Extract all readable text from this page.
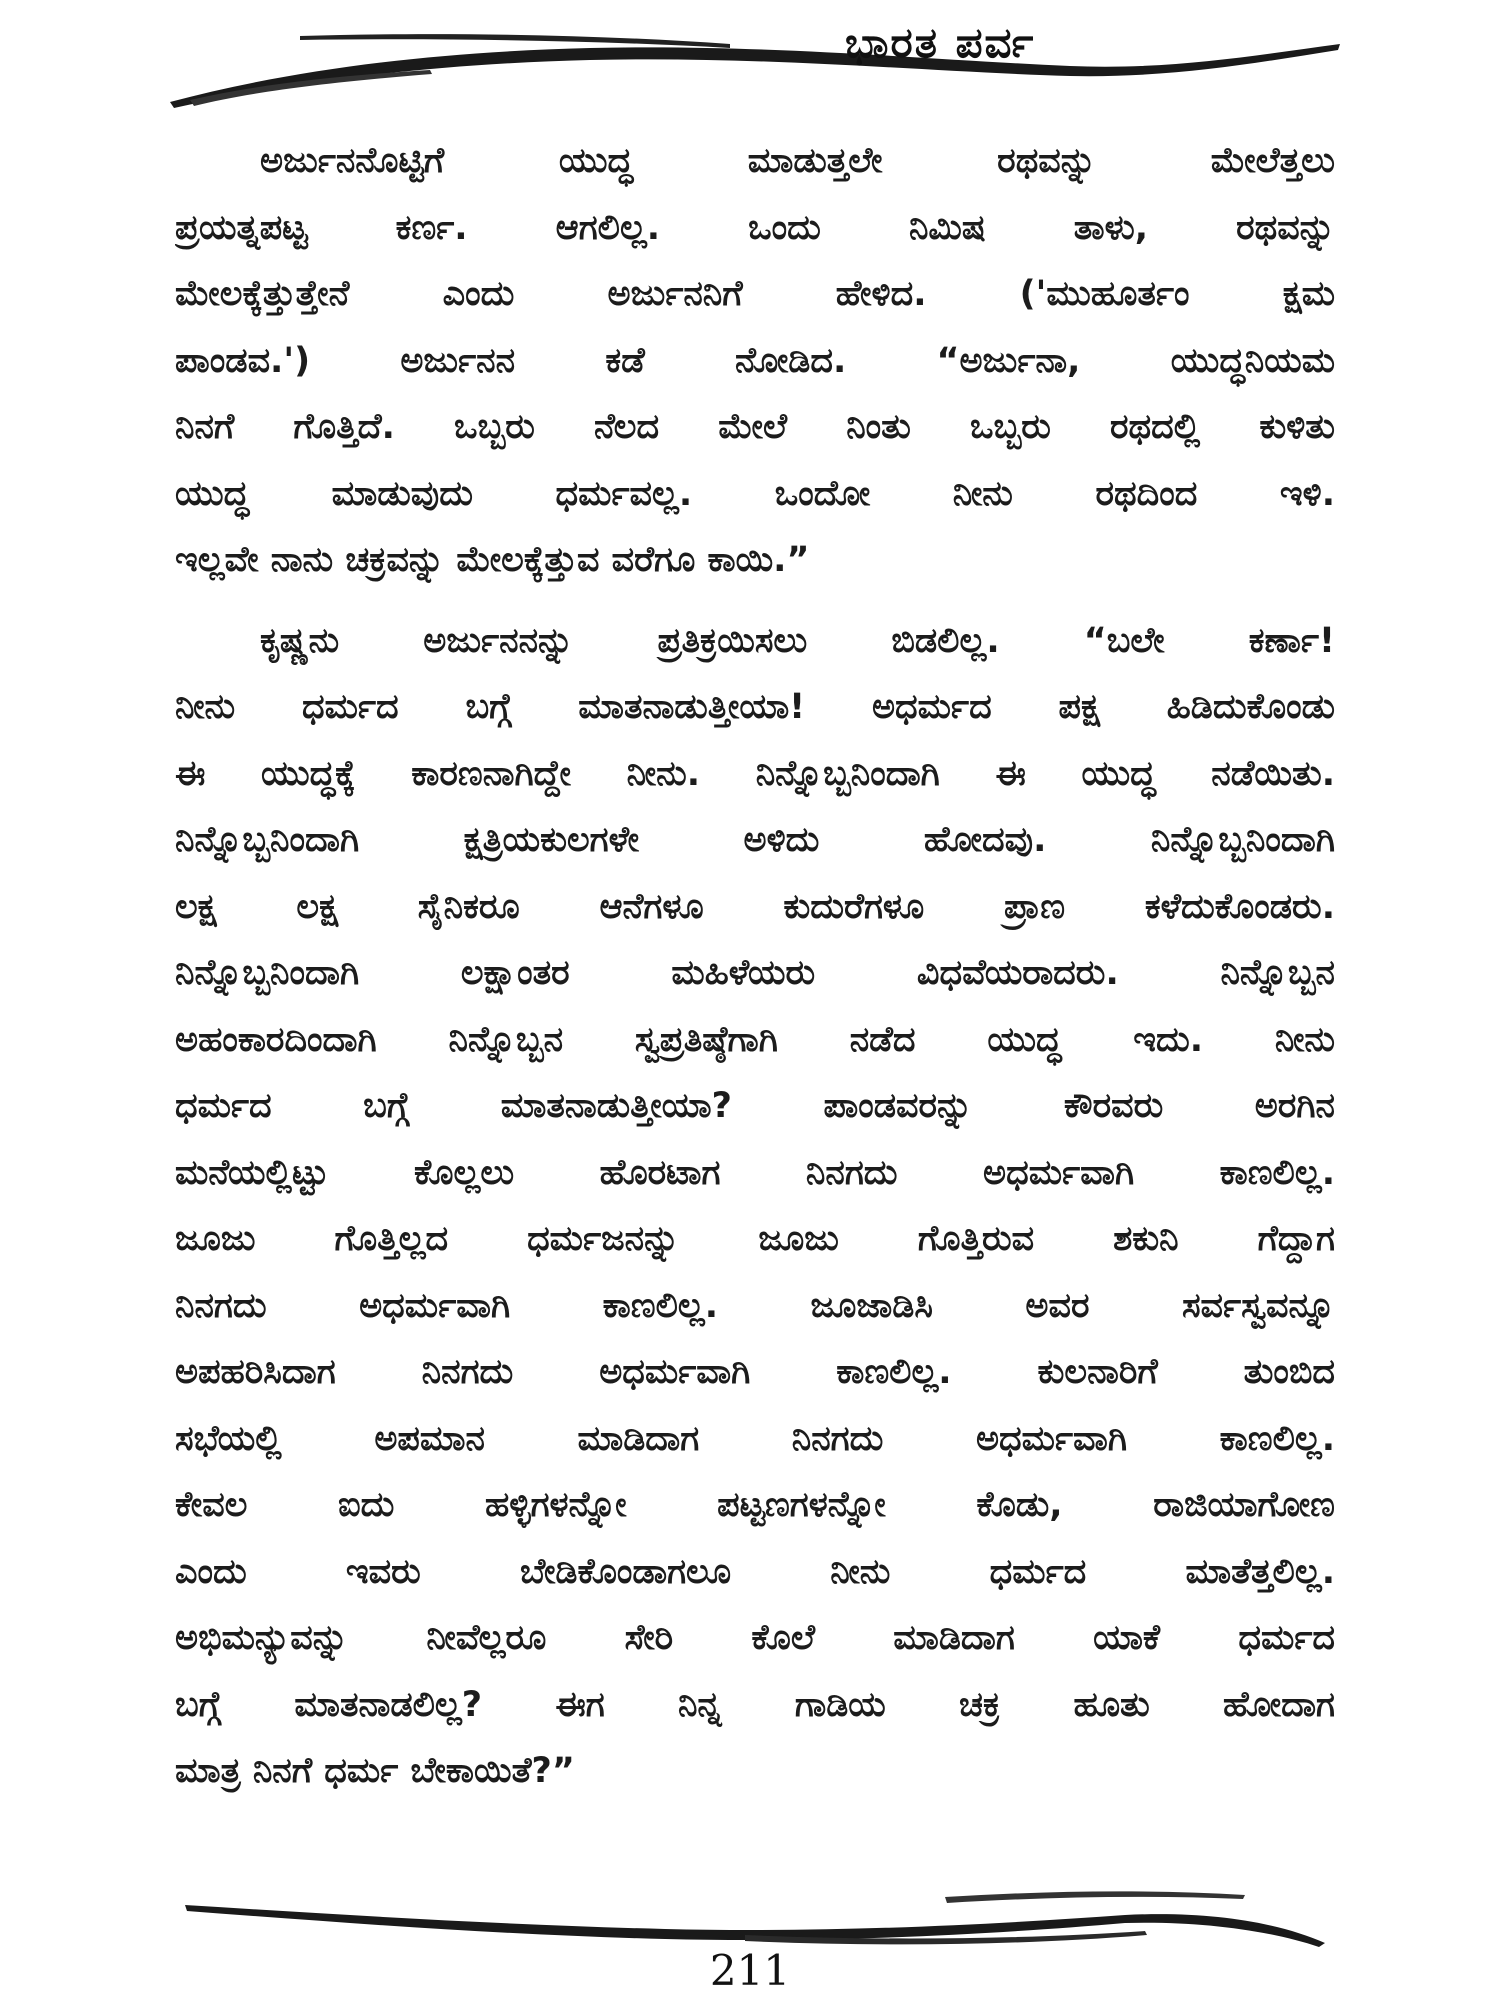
ಭಾರತ ಪರ್ವ
ಅರ್ಜುನನೊಟ್ಟಿಗೆ ಯುದ್ಧ ಮಾಡುತ್ತಲೇ ರಥವನ್ನು ಮೇಲೆತ್ತಲು
ಪ್ರಯತ್ನಪಟ್ಟ ಕರ್ಣ. ಆಗಲಿಲ್ಲ. ಒಂದು ನಿಮಿಷ ತಾಳು, ರಥವನ್ನು
ಮೇಲಕ್ಕೆತ್ತುತ್ತೇನೆ ಎಂದು ಅರ್ಜುನನಿಗೆ ಹೇಳಿದ. ('ಮುಹೂರ್ತಂ ಕ್ಷಮ
ಪಾಂಡವ.') ಅರ್ಜುನನ ಕಡೆ ನೋಡಿದ. “ಅರ್ಜುನಾ, ಯುದ್ಧನಿಯಮ
ನಿನಗೆ ಗೊತ್ತಿದೆ. ಒಬ್ಬರು ನೆಲದ ಮೇಲೆ ನಿಂತು ಒಬ್ಬರು ರಥದಲ್ಲಿ ಕುಳಿತು
ಯುದ್ಧ ಮಾಡುವುದು ಧರ್ಮವಲ್ಲ. ಒಂದೋ ನೀನು ರಥದಿಂದ ಇಳಿ.
ಇಲ್ಲವೇ ನಾನು ಚಕ್ರವನ್ನು ಮೇಲಕ್ಕೆತ್ತುವ ವರೆಗೂ ಕಾಯಿ.”
ಕೃಷ್ಣನು ಅರ್ಜುನನನ್ನು ಪ್ರತಿಕ್ರಯಿಸಲು ಬಿಡಲಿಲ್ಲ. “ಬಲೇ ಕರ್ಣಾ!
ನೀನು ಧರ್ಮದ ಬಗ್ಗೆ ಮಾತನಾಡುತ್ತೀಯಾ! ಅಧರ್ಮದ ಪಕ್ಷ ಹಿಡಿದುಕೊಂಡು
ಈ ಯುದ್ಧಕ್ಕೆ ಕಾರಣನಾಗಿದ್ದೇ ನೀನು. ನಿನ್ನೊಬ್ಬನಿಂದಾಗಿ ಈ ಯುದ್ಧ ನಡೆಯಿತು.
ನಿನ್ನೊಬ್ಬನಿಂದಾಗಿ ಕ್ಷತ್ರಿಯಕುಲಗಳೇ ಅಳಿದು ಹೋದವು. ನಿನ್ನೊಬ್ಬನಿಂದಾಗಿ
ಲಕ್ಷ ಲಕ್ಷ ಸೈನಿಕರೂ ಆನೆಗಳೂ ಕುದುರೆಗಳೂ ಪ್ರಾಣ ಕಳೆದುಕೊಂಡರು.
ನಿನ್ನೊಬ್ಬನಿಂದಾಗಿ ಲಕ್ಷಾಂತರ ಮಹಿಳೆಯರು ವಿಧವೆಯರಾದರು. ನಿನ್ನೊಬ್ಬನ
ಅಹಂಕಾರದಿಂದಾಗಿ ನಿನ್ನೊಬ್ಬನ ಸ್ವಪ್ರತಿಷ್ಠೆಗಾಗಿ ನಡೆದ ಯುದ್ಧ ಇದು. ನೀನು
ಧರ್ಮದ ಬಗ್ಗೆ ಮಾತನಾಡುತ್ತೀಯಾ? ಪಾಂಡವರನ್ನು ಕೌರವರು ಅರಗಿನ
ಮನೆಯಲ್ಲಿಟ್ಟು ಕೊಲ್ಲಲು ಹೊರಟಾಗ ನಿನಗದು ಅಧರ್ಮವಾಗಿ ಕಾಣಲಿಲ್ಲ.
ಜೂಜು ಗೊತ್ತಿಲ್ಲದ ಧರ್ಮಜನನ್ನು ಜೂಜು ಗೊತ್ತಿರುವ ಶಕುನಿ ಗೆದ್ದಾಗ
ನಿನಗದು ಅಧರ್ಮವಾಗಿ ಕಾಣಲಿಲ್ಲ. ಜೂಜಾಡಿಸಿ ಅವರ ಸರ್ವಸ್ವವನ್ನೂ
ಅಪಹರಿಸಿದಾಗ ನಿನಗದು ಅಧರ್ಮವಾಗಿ ಕಾಣಲಿಲ್ಲ. ಕುಲನಾರಿಗೆ ತುಂಬಿದ
ಸಭೆಯಲ್ಲಿ ಅಪಮಾನ ಮಾಡಿದಾಗ ನಿನಗದು ಅಧರ್ಮವಾಗಿ ಕಾಣಲಿಲ್ಲ.
ಕೇವಲ ಐದು ಹಳ್ಳಿಗಳನ್ನೋ ಪಟ್ಟಣಗಳನ್ನೋ ಕೊಡು, ರಾಜಿಯಾಗೋಣ
ಎಂದು ಇವರು ಬೇಡಿಕೊಂಡಾಗಲೂ ನೀನು ಧರ್ಮದ ಮಾತೆತ್ತಲಿಲ್ಲ.
ಅಭಿಮನ್ಯುವನ್ನು ನೀವೆಲ್ಲರೂ ಸೇರಿ ಕೊಲೆ ಮಾಡಿದಾಗ ಯಾಕೆ ಧರ್ಮದ
ಬಗ್ಗೆ ಮಾತನಾಡಲಿಲ್ಲ? ಈಗ ನಿನ್ನ ಗಾಡಿಯ ಚಕ್ರ ಹೂತು ಹೋದಾಗ
ಮಾತ್ರ ನಿನಗೆ ಧರ್ಮ ಬೇಕಾಯಿತೆ?”
211
